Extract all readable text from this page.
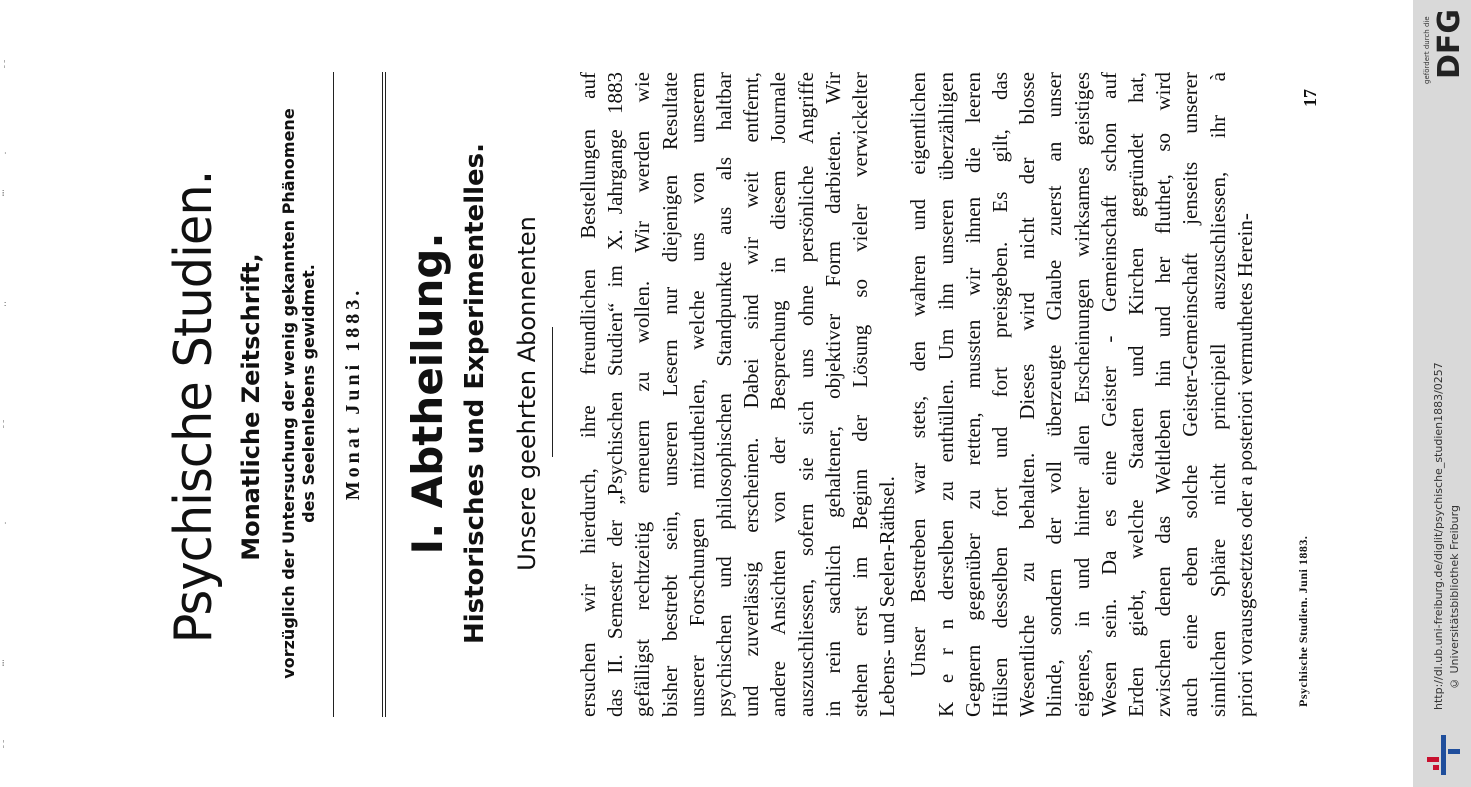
¦
·
⁞
:
¦
·
⁞
¦
Psychische Studien. Monatliche Zeitschrift, vorzüglich der Untersuchung der wenig gekannten Phänomene des Seelenlebens gewidmet. Monat Juni 1883. I. Abtheilung. Historisches und Experimentelles. Unsere geehrten Abonnenten ersuchen wir hierdurch, ihre freundlichen Bestellungen auf das II. Semester der „Psychischen Studien“ im X. Jahrgange 1883 gefälligst rechtzeitig erneuern zu wollen. Wir werden wie bisher bestrebt sein, unseren Lesern nur diejenigen Resultate unserer Forschungen mitzutheilen, welche uns von unserem psychischen und philosophischen Standpunkte aus als haltbar und zuverlässig erscheinen. Dabei sind wir weit entfernt, andere Ansichten von der Besprechung in diesem Journale auszuschliessen, sofern sie sich uns ohne persönliche Angriffe in rein sachlich gehaltener, objektiver Form darbieten. Wir stehen erst im Beginn der Lösung so vieler verwickelter Lebens- und Seelen-Räthsel. Unser Bestreben war stets, den wahren und eigentlichen K e r n derselben zu enthüllen. Um ihn unseren überzähligen Gegnern gegenüber zu retten, mussten wir ihnen die leeren Hülsen desselben fort und fort preisgeben. Es gilt, das Wesentliche zu behalten. Dieses wird nicht der blosse blinde, sondern der voll überzeugte Glaube zuerst an unser eigenes, in und hinter allen Erscheinungen wirksames geistiges Wesen sein. Da es eine Geister - Gemeinschaft schon auf Erden giebt, welche Staaten und Kirchen gegründet hat, zwischen denen das Weltleben hin und her fluthet, so wird auch eine eben solche Geister-Gemeinschaft jenseits unserer sinnlichen Sphäre nicht principiell auszuschliessen, ihr à priori vorausgesetztes oder a posteriori vermuthetes Herein-	Psychische Studien. Juni 1883.
17
gefördert durch die DFG
http://dl.ub.uni-freiburg.de/diglit/psychische_studien1883/0257 © Universitätsbibliothek Freiburg
